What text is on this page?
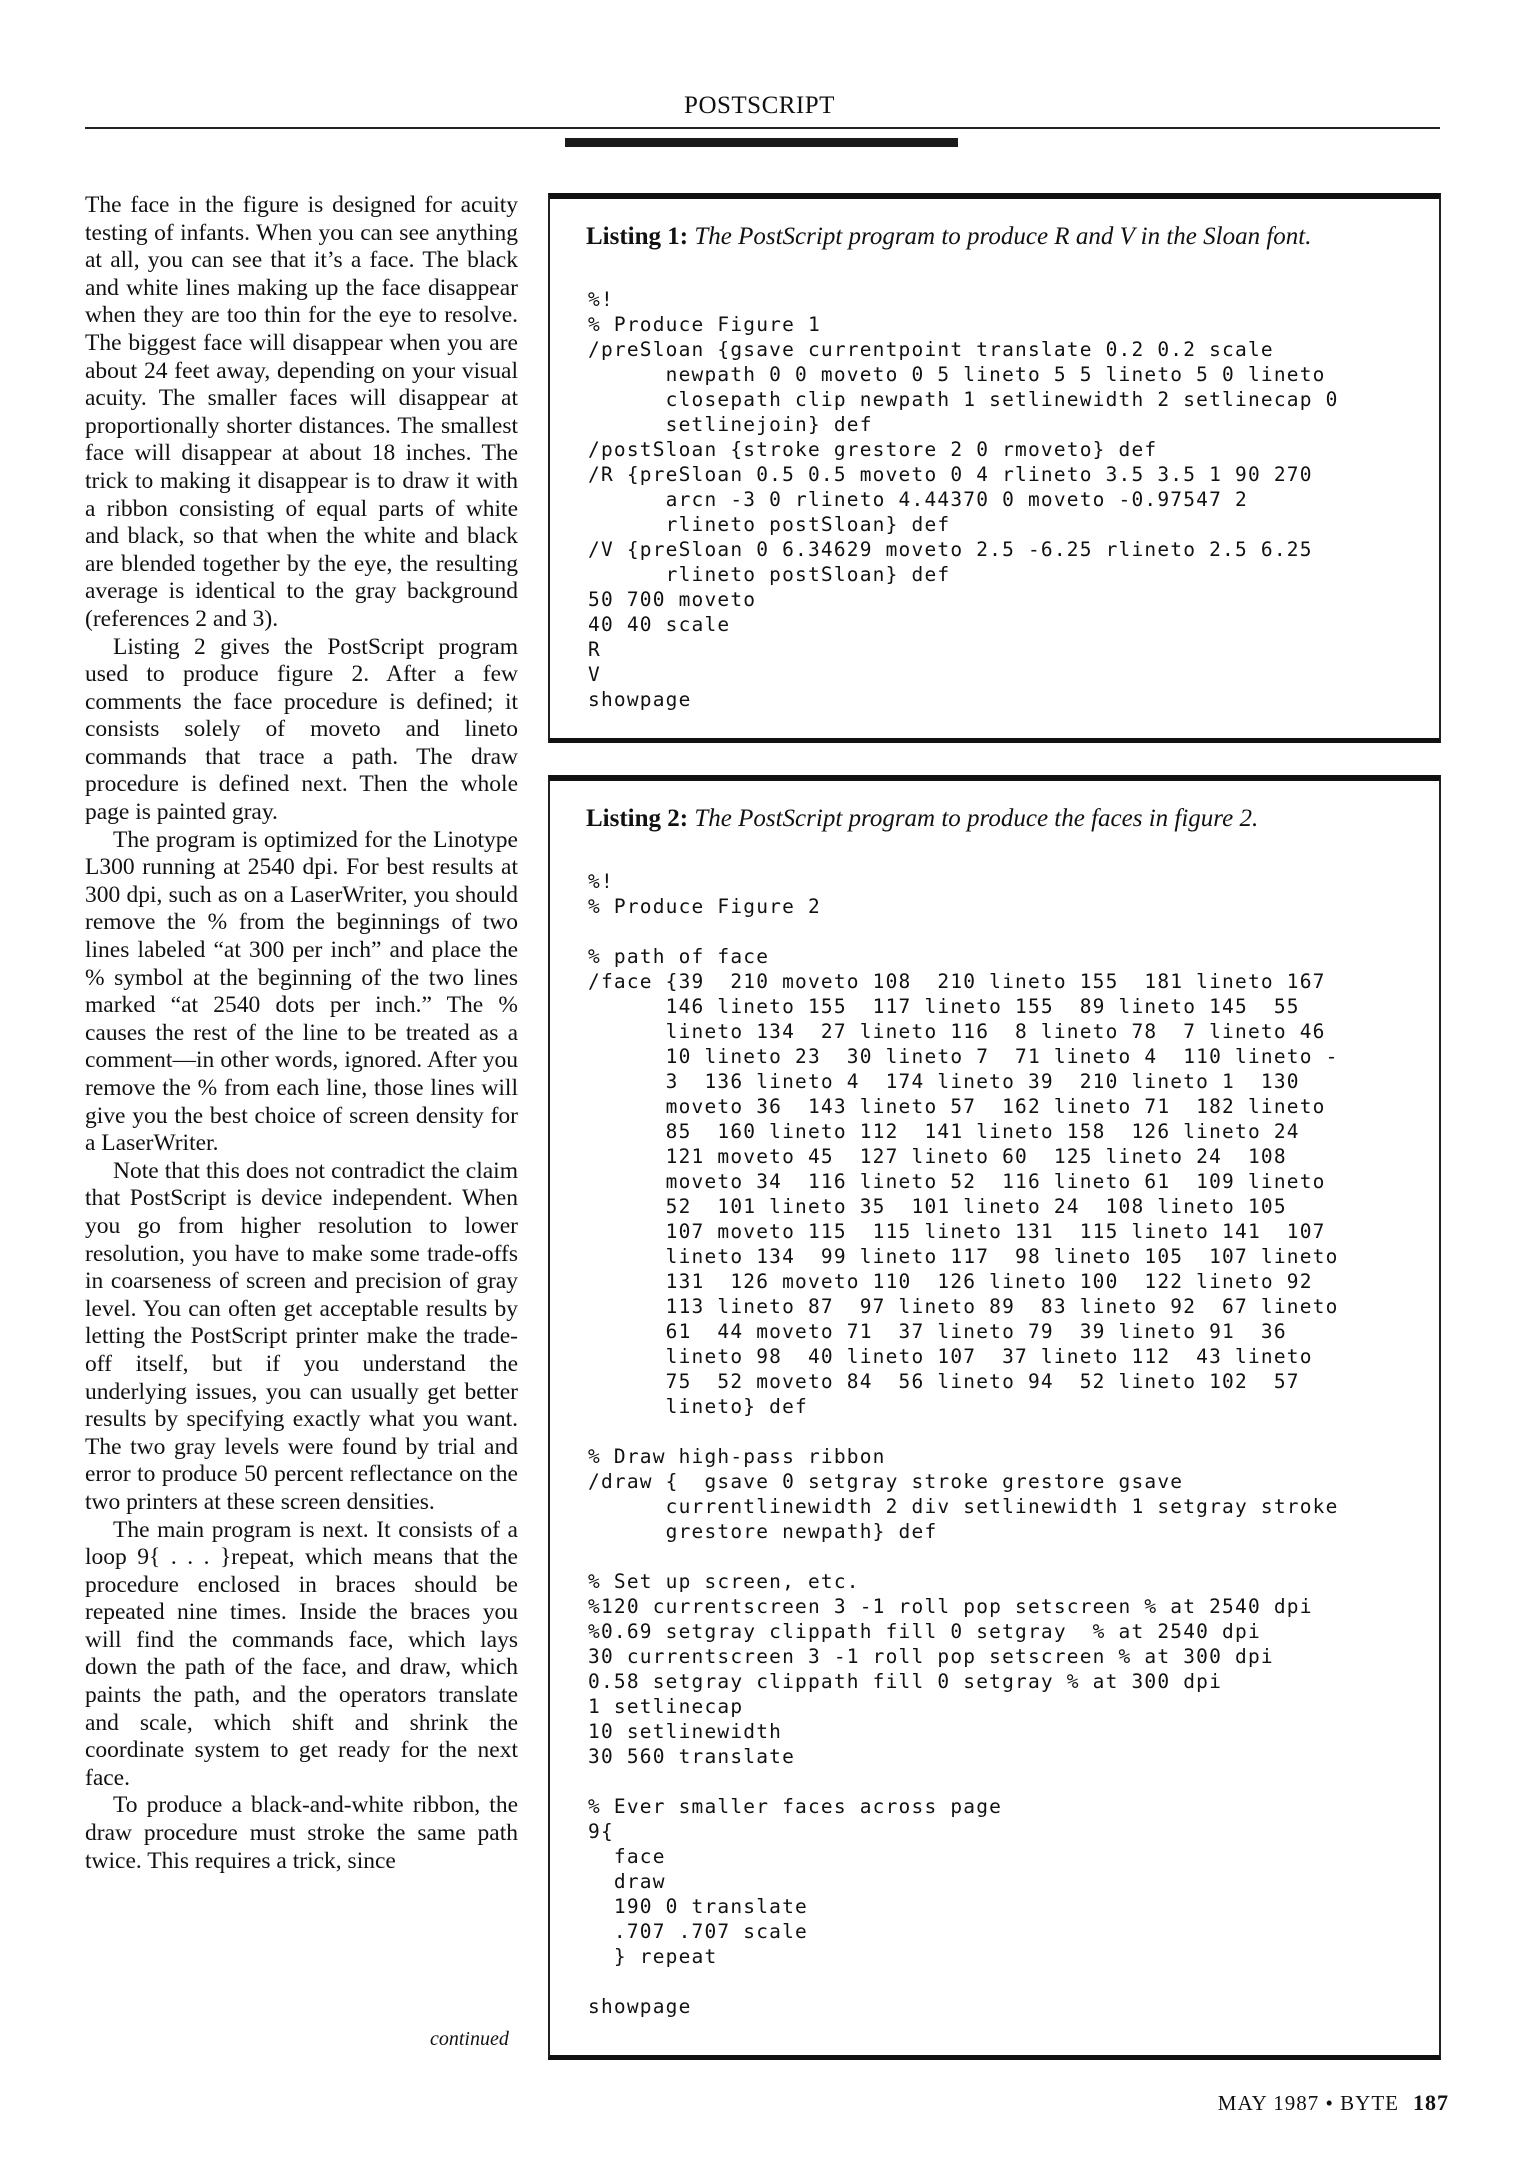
POSTSCRIPT

The face in the figure is designed for acuity testing of infants. When you can see anything at all, you can see that it’s a face. The black and white lines making up the face disappear when they are too thin for the eye to resolve. The biggest face will disappear when you are about 24 feet away, depending on your visual acuity. The smaller faces will disappear at proportionally shorter distances. The smallest face will disappear at about 18 inches. The trick to making it disappear is to draw it with a ribbon consisting of equal parts of white and black, so that when the white and black are blended together by the eye, the resulting average is identical to the gray background (references 2 and 3).

Listing 2 gives the PostScript program used to produce figure 2. After a few comments the face procedure is defined; it consists solely of moveto and lineto commands that trace a path. The draw procedure is defined next. Then the whole page is painted gray.

The program is optimized for the Linotype L300 running at 2540 dpi. For best results at 300 dpi, such as on a LaserWriter, you should remove the % from the beginnings of two lines labeled “at 300 per inch” and place the % symbol at the beginning of the two lines marked “at 2540 dots per inch.” The % causes the rest of the line to be treated as a comment—in other words, ignored. After you remove the % from each line, those lines will give you the best choice of screen density for a LaserWriter.

Note that this does not contradict the claim that PostScript is device independent. When you go from higher resolution to lower resolution, you have to make some trade-offs in coarseness of screen and precision of gray level. You can often get acceptable results by letting the PostScript printer make the trade-off itself, but if you understand the underlying issues, you can usually get better results by specifying exactly what you want. The two gray levels were found by trial and error to produce 50 percent reflectance on the two printers at these screen densities.

The main program is next. It consists of a loop 9{ . . . }repeat, which means that the procedure enclosed in braces should be repeated nine times. Inside the braces you will find the commands face, which lays down the path of the face, and draw, which paints the path, and the operators translate and scale, which shift and shrink the coordinate system to get ready for the next face.

To produce a black-and-white ribbon, the draw procedure must stroke the same path twice. This requires a trick, since

continued
Listing 1: The PostScript program to produce R and V in the Sloan font.
%!
% Produce Figure 1
/preSloan {gsave currentpoint translate 0.2 0.2 scale
newpath 0 0 moveto 0 5 lineto 5 5 lineto 5 0 lineto
closepath clip newpath 1 setlinewidth 2 setlinecap 0
setlinejoin} def
/postSloan {stroke grestore 2 0 rmoveto} def
/R {preSloan 0.5 0.5 moveto 0 4 rlineto 3.5 3.5 1 90 270
arcn -3 0 rlineto 4.44370 0 moveto -0.97547 2
rlineto postSloan} def
/V {preSloan 0 6.34629 moveto 2.5 -6.25 rlineto 2.5 6.25
rlineto postSloan} def
50 700 moveto
40 40 scale
R
V
showpage
Listing 2: The PostScript program to produce the faces in figure 2.
%!
% Produce Figure 2

% path of face
/face {39  210 moveto 108  210 lineto 155  181 lineto 167
146 lineto 155  117 lineto 155  89 lineto 145  55
lineto 134  27 lineto 116  8 lineto 78  7 lineto 46
10 lineto 23  30 lineto 7  71 lineto 4  110 lineto -
3  136 lineto 4  174 lineto 39  210 lineto 1  130
moveto 36  143 lineto 57  162 lineto 71  182 lineto
85  160 lineto 112  141 lineto 158  126 lineto 24
121 moveto 45  127 lineto 60  125 lineto 24  108
moveto 34  116 lineto 52  116 lineto 61  109 lineto
52  101 lineto 35  101 lineto 24  108 lineto 105
107 moveto 115  115 lineto 131  115 lineto 141  107
lineto 134  99 lineto 117  98 lineto 105  107 lineto
131  126 moveto 110  126 lineto 100  122 lineto 92
113 lineto 87  97 lineto 89  83 lineto 92  67 lineto
61  44 moveto 71  37 lineto 79  39 lineto 91  36
lineto 98  40 lineto 107  37 lineto 112  43 lineto
75  52 moveto 84  56 lineto 94  52 lineto 102  57
lineto} def

% Draw high-pass ribbon
/draw {  gsave 0 setgray stroke grestore gsave
currentlinewidth 2 div setlinewidth 1 setgray stroke
grestore newpath} def

% Set up screen, etc.
%120 currentscreen 3 -1 roll pop setscreen % at 2540 dpi
%0.69 setgray clippath fill 0 setgray  % at 2540 dpi
30 currentscreen 3 -1 roll pop setscreen % at 300 dpi
0.58 setgray clippath fill 0 setgray % at 300 dpi
1 setlinecap
10 setlinewidth
30 560 translate

% Ever smaller faces across page
9{
face
draw
190 0 translate
.707 .707 scale
} repeat

showpage
MAY 1987 • BYTE 187
